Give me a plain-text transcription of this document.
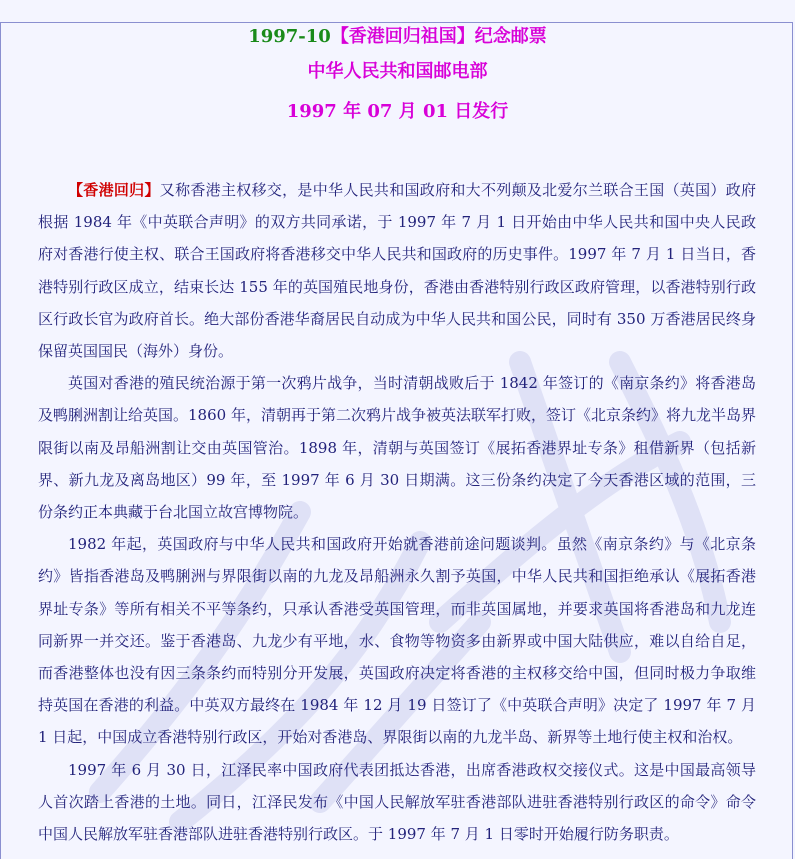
1997-10【香港回归祖国】纪念邮票
中华人民共和国邮电部
1997 年 07 月 01 日发行

【香港回归】又称香港主权移交，是中华人民共和国政府和大不列颠及北爱尔兰联合王国（英国）政府根据 1984 年《中英联合声明》的双方共同承诺，于 1997 年 7 月 1 日开始由中华人民共和国中央人民政府对香港行使主权、联合王国政府将香港移交中华人民共和国政府的历史事件。1997 年 7 月 1 日当日，香港特别行政区成立，结束长达 155 年的英国殖民地身份，香港由香港特别行政区政府管理，以香港特别行政区行政长官为政府首长。绝大部份香港华裔居民自动成为中华人民共和国公民，同时有 350 万香港居民终身保留英国国民（海外）身份。

英国对香港的殖民统治源于第一次鸦片战争，当时清朝战败后于 1842 年签订的《南京条约》将香港岛及鸭脷洲割让给英国。1860 年，清朝再于第二次鸦片战争被英法联军打败，签订《北京条约》将九龙半岛界限街以南及昂船洲割让交由英国管治。1898 年，清朝与英国签订《展拓香港界址专条》租借新界（包括新界、新九龙及离岛地区）99 年，至 1997 年 6 月 30 日期满。这三份条约决定了今天香港区域的范围，三份条约正本典藏于台北国立故宫博物院。

1982 年起，英国政府与中华人民共和国政府开始就香港前途问题谈判。虽然《南京条约》与《北京条约》皆指香港岛及鸭脷洲与界限街以南的九龙及昂船洲永久割予英国，中华人民共和国拒绝承认《展拓香港界址专条》等所有相关不平等条约，只承认香港受英国管理，而非英国属地，并要求英国将香港岛和九龙连同新界一并交还。鉴于香港岛、九龙少有平地，水、食物等物资多由新界或中国大陆供应，难以自给自足，而香港整体也没有因三条条约而特别分开发展，英国政府决定将香港的主权移交给中国，但同时极力争取维持英国在香港的利益。中英双方最终在 1984 年 12 月 19 日签订了《中英联合声明》决定了 1997 年 7 月 1 日起，中国成立香港特别行政区，开始对香港岛、界限街以南的九龙半岛、新界等土地行使主权和治权。

1997 年 6 月 30 日，江泽民率中国政府代表团抵达香港，出席香港政权交接仪式。这是中国最高领导人首次踏上香港的土地。同日，江泽民发布《中国人民解放军驻香港部队进驻香港特别行政区的命令》命令中国人民解放军驻香港部队进驻香港特别行政区。于 1997 年 7 月 1 日零时开始履行防务职责。
